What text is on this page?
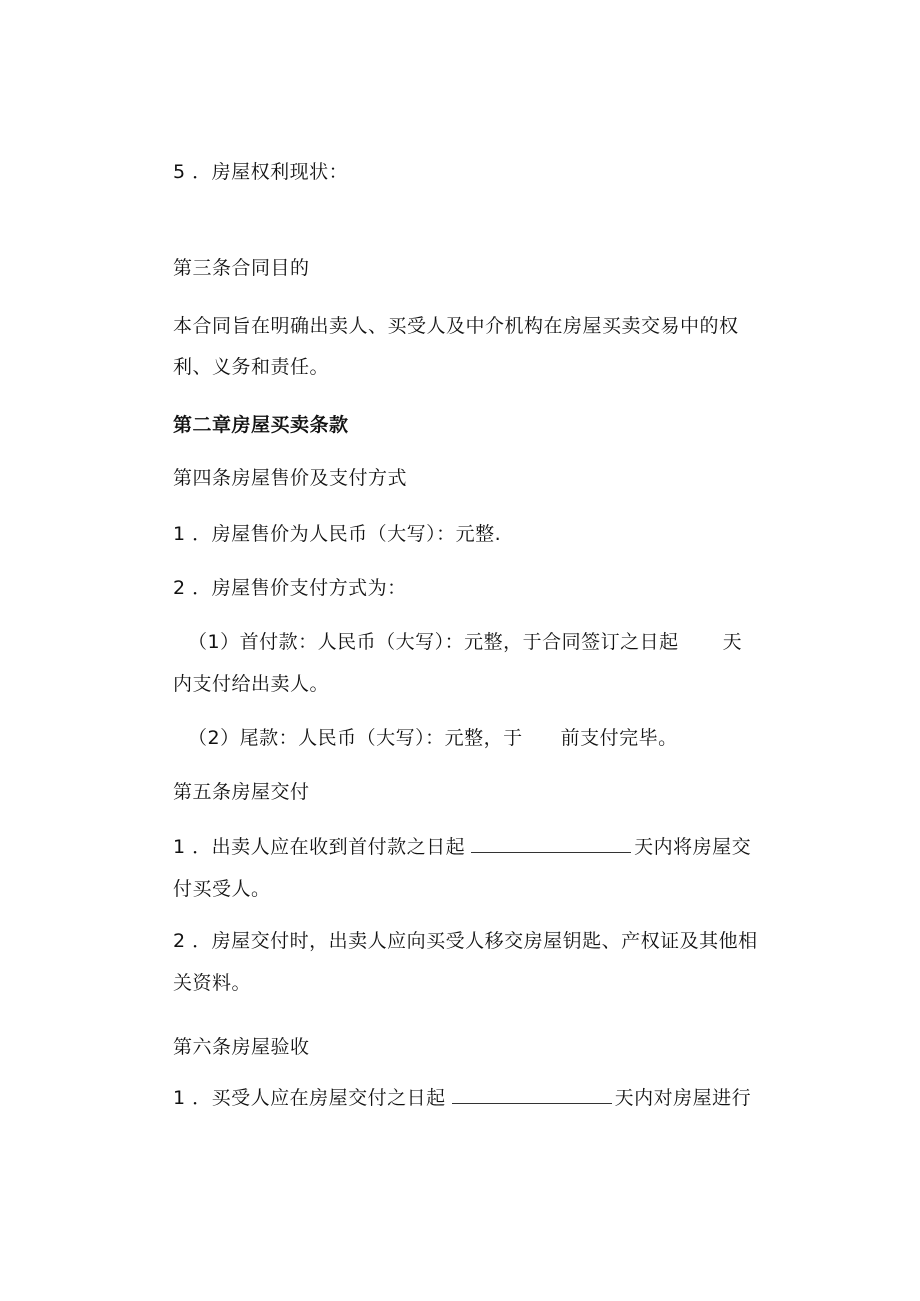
5 ．房屋权利现状：
第三条合同目的
本合同旨在明确出卖人、买受人及中介机构在房屋买卖交易中的权
利、义务和责任。
第二章房屋买卖条款
第四条房屋售价及支付方式
1 ．房屋售价为人民币（大写）：元整.
2 ．房屋售价支付方式为：
（1）首付款：人民币（大写）：元整，于合同签订之日起 天
内支付给出卖人。
（2）尾款：人民币（大写）：元整，于 前支付完毕。
第五条房屋交付
1 ．出卖人应在收到首付款之日起	天内将房屋交
付买受人。
2 ．房屋交付时，出卖人应向买受人移交房屋钥匙、产权证及其他相
关资料。
第六条房屋验收
1 ．买受人应在房屋交付之日起	天内对房屋进行
